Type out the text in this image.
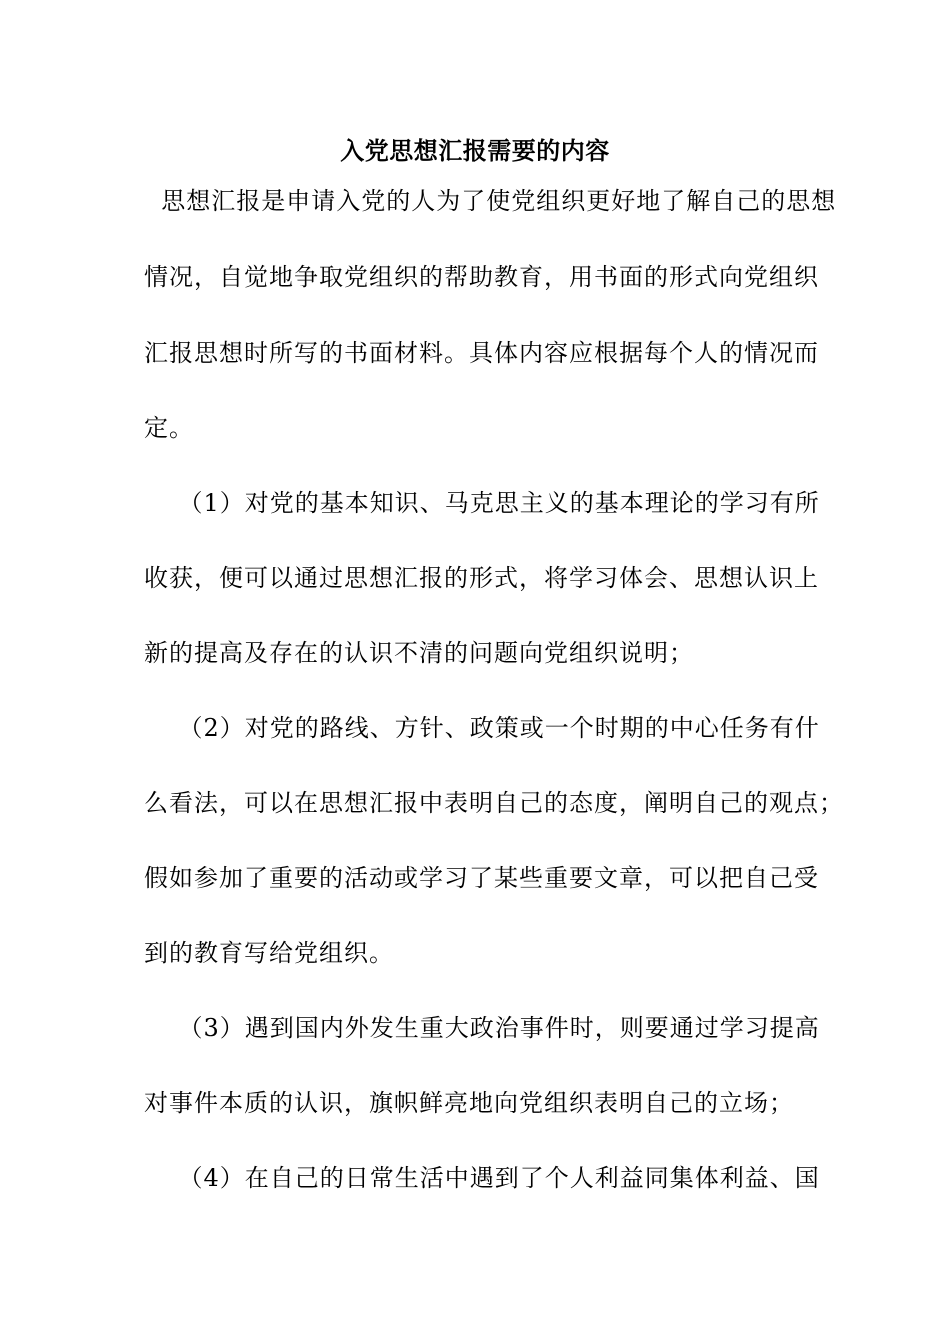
入党思想汇报需要的内容
思想汇报是申请入党的人为了使党组织更好地了解自己的思想
情况，自觉地争取党组织的帮助教育，用书面的形式向党组织
汇报思想时所写的书面材料。具体内容应根据每个人的情况而
定。
（1）对党的基本知识、马克思主义的基本理论的学习有所
收获，便可以通过思想汇报的形式，将学习体会、思想认识上
新的提高及存在的认识不清的问题向党组织说明；
（2）对党的路线、方针、政策或一个时期的中心任务有什
么看法，可以在思想汇报中表明自己的态度，阐明自己的观点；
假如参加了重要的活动或学习了某些重要文章，可以把自己受
到的教育写给党组织。
（3）遇到国内外发生重大政治事件时，则要通过学习提高
对事件本质的认识，旗帜鲜亮地向党组织表明自己的立场；
（4）在自己的日常生活中遇到了个人利益同集体利益、国
